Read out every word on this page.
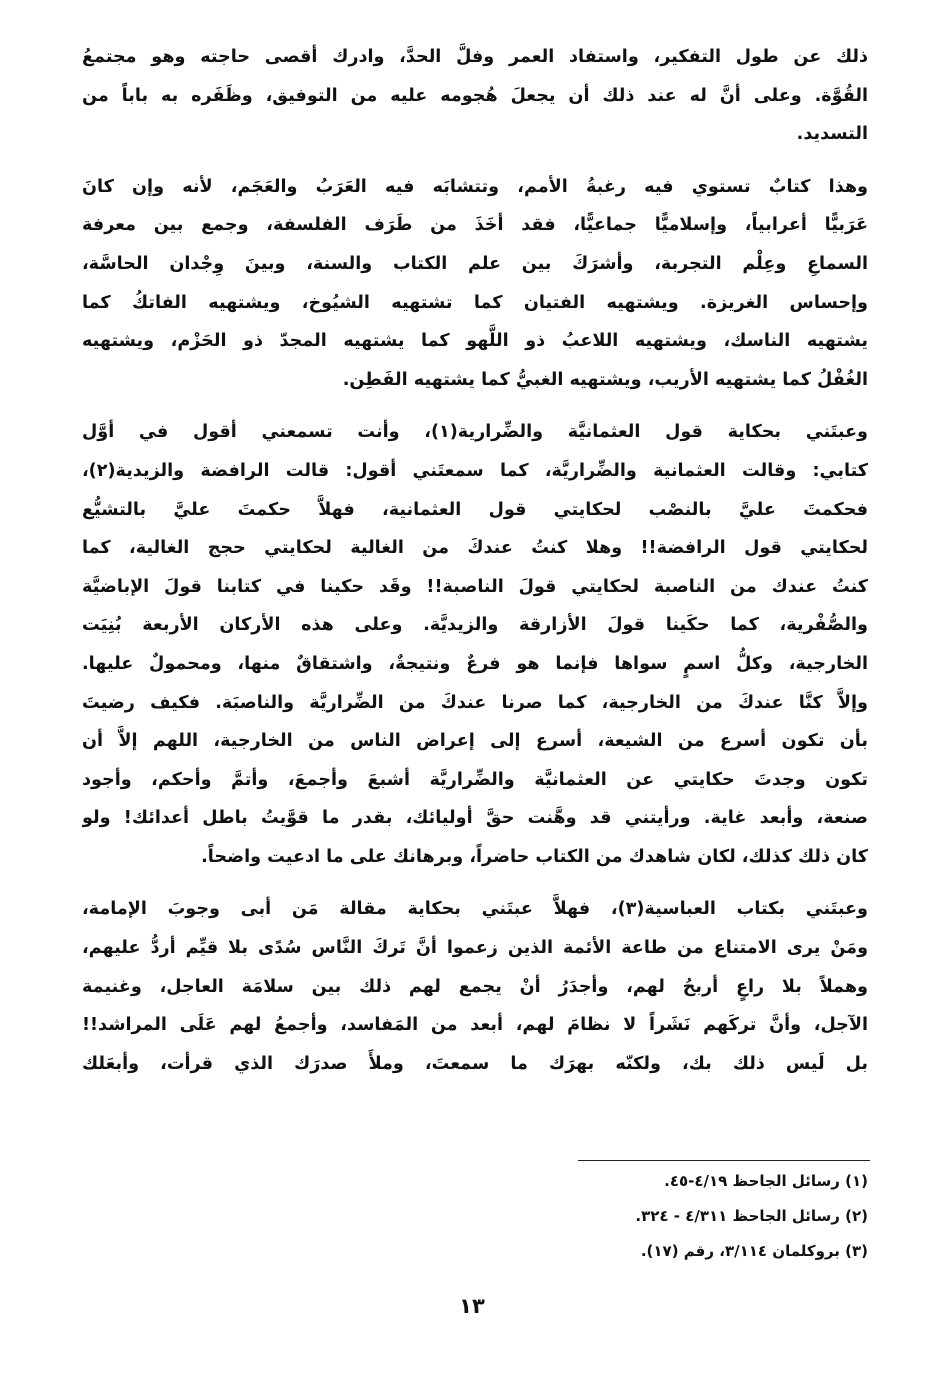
ذلك عن طول التفكير، واستفاد العمر وفلَّ الحدَّ، وادرك أقصى حاجته وهو مجتمعُ
القُوَّة. وعلى أنَّ له عند ذلك أن يجعلَ هُجومه عليه من التوفيق، وظَفَره به باباً من
التسديد.
وهذا كتابٌ تستوي فيه رغبةُ الأمم، وتتشابَه فيه العَرَبُ والعَجَم، لأنه وإن كانَ
عَرَبيًّا أعرابياً، وإسلاميًّا جماعيًّا، فقد أخَذَ من طَرَف الفلسفة، وجمع بين معرفة
السماعِ وعِلْم التجربة، وأشرَكَ بين علم الكتاب والسنة، وبينَ وِجْدان الحاسَّة،
وإحساس الغريزة. ويشتهيه الفتيان كما تشتهيه الشيُوخ، ويشتهيه الفاتكُ كما
يشتهيه الناسك، ويشتهيه اللاعبُ ذو اللَّهو كما يشتهيه المجدّ ذو الحَزْم، ويشتهيه
الغُفْلُ كما يشتهيه الأريب، ويشتهيه الغبيُّ كما يشتهيه الفَطِن.
وعبتَني بحكاية قول العثمانيَّة والضِّرارية(١)، وأنت تسمعني أقول في أوَّل
كتابي: وقالت العثمانية والضِّراريَّة، كما سمعتَني أقول: قالت الرافضة والزيدية(٢)،
فحكمتَ عليَّ بالنصْب لحكايتي قول العثمانية، فهلاَّ حكمتَ عليَّ بالتشيُّع
لحكايتي قول الرافضة!! وهلا كنتُ عندكَ من الغالية لحكايتي حجج الغالية، كما
كنتُ عندك من الناصبة لحكايتي قولَ الناصبة!! وقَد حكينا في كتابنا قولَ الإباضيَّة
والصُّفْرية، كما حكَينا قولَ الأزارقة والزيديَّة. وعلى هذه الأركان الأربعة بُنِيَت
الخارجية، وكلُّ اسمٍ سواها فإنما هو فرعٌ ونتيجةٌ، واشتقاقٌ منها، ومحمولٌ عليها.
وإلاَّ كنَّا عندكَ من الخارجية، كما صرنا عندكَ من الضِّراريَّة والناصبَة. فكيف رضيتَ
بأن تكون أسرع من الشيعة، أسرع إلى إعراض الناس من الخارجية، اللهم إلاَّ أن
تكون وجدتَ حكايتي عن العثمانيَّة والضِّراريَّة أشبعَ وأجمعَ، وأتمَّ وأحكم، وأجود
صنعة، وأبعد غاية. ورأيتني قد وهَّنت حقَّ أوليائك، بقدر ما قوَّيتُ باطل أعدائك! ولو
كان ذلك كذلك، لكان شاهدك من الكتاب حاضراً، وبرهانك على ما ادعيت واضحاً.
وعبتَني بكتاب العباسية(٣)، فهلاَّ عبتَني بحكاية مقالة مَن أبى وجوبَ الإمامة،
ومَنْ يرى الامتناع من طاعة الأئمة الذين زعموا أنَّ تَركَ النَّاس سُدًى بلا قيِّم أردُّ عليهم،
وهملاً بلا راعٍ أربحُ لهم، وأجدَرُ أنْ يجمع لهم ذلك بين سلامَة العاجل، وغنيمة
الآجل، وأنَّ تركَهم نَشَراً لا نظامَ لهم، أبعد من المَفاسد، وأجمعُ لهم عَلَى المراشد!!
بل لَيس ذلك بك، ولكنّه بهرَك ما سمعتَ، وملأَ صدرَك الذي قرأت، وأبعَلك
(١) رسائل الجاحظ ٤/١٩-٤٥.
(٢) رسائل الجاحظ ٤/٣١١ - ٣٢٤.
(٣) بروكلمان ٣/١١٤، رقم (١٧).
١٣
